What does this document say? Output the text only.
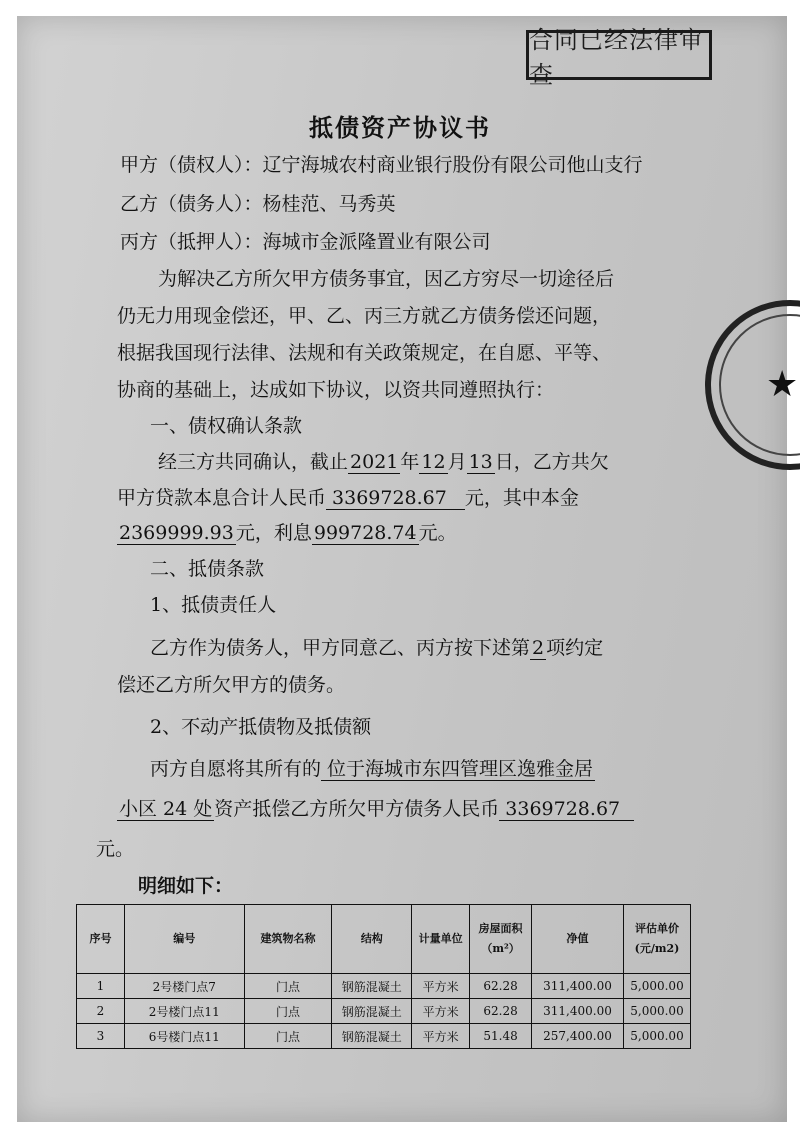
合同已经法律审查
★
抵债资产协议书
甲方（债权人）：辽宁海城农村商业银行股份有限公司他山支行
乙方（债务人）：杨桂范、马秀英
丙方（抵押人）：海城市金派隆置业有限公司
为解决乙方所欠甲方债务事宜，因乙方穷尽一切途径后
仍无力用现金偿还，甲、乙、丙三方就乙方债务偿还问题，
根据我国现行法律、法规和有关政策规定，在自愿、平等、
协商的基础上，达成如下协议，以资共同遵照执行：
一、债权确认条款
经三方共同确认，截止 2021 年 12 月 13 日，乙方共欠
甲方贷款本息合计人民币 3369728.67 元，其中本金
2369999.93 元，利息 999728.74 元。
二、抵债条款
1、抵债责任人
乙方作为债务人，甲方同意乙、丙方按下述第 2 项约定
偿还乙方所欠甲方的债务。
2、不动产抵债物及抵债额
丙方自愿将其所有的 位于海城市东四管理区逸雅金居
小区 24 处 资产抵偿乙方所欠甲方债务人民币 3369728.67
元。
明细如下：
序号	编号	建筑物名称	结构	计量单位	房屋面积（m²）	净值	评估单价(元/m2)
1	2号楼门点7	门点	钢筋混凝土	平方米	62.28	311,400.00	5,000.00
2	2号楼门点11	门点	钢筋混凝土	平方米	62.28	311,400.00	5,000.00
3	6号楼门点11	门点	钢筋混凝土	平方米	51.48	257,400.00	5,000.00
